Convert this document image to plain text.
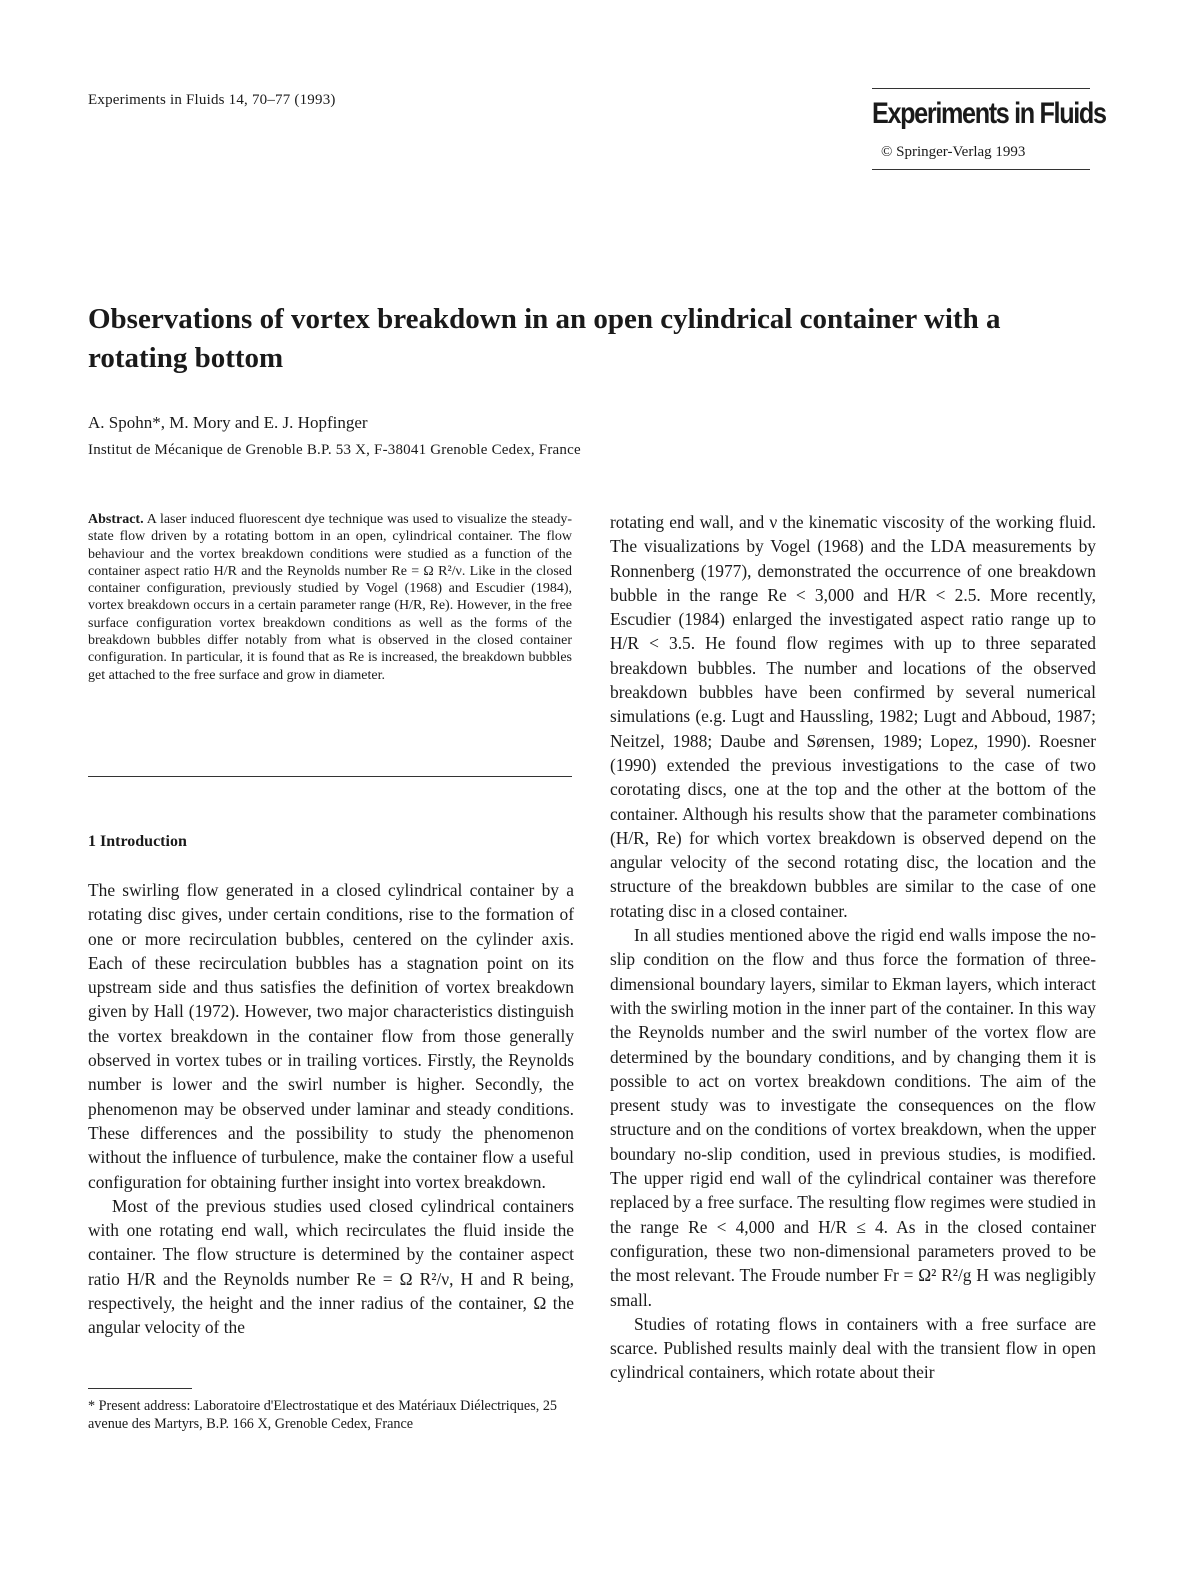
Experiments in Fluids 14, 70–77 (1993)	Experiments in Fluids
© Springer-Verlag 1993
Observations of vortex breakdown in an open cylindrical container with a rotating bottom
A. Spohn*, M. Mory and E. J. Hopfinger
Institut de Mécanique de Grenoble B.P. 53 X, F-38041 Grenoble Cedex, France

Abstract. A laser induced fluorescent dye technique was used to visualize the steady-state flow driven by a rotating bottom in an open, cylindrical container. The flow behaviour and the vortex breakdown conditions were studied as a function of the container aspect ratio H/R and the Reynolds number Re = Ω R²/ν. Like in the closed container configuration, previously studied by Vogel (1968) and Escudier (1984), vortex breakdown occurs in a certain parameter range (H/R, Re). However, in the free surface configuration vortex breakdown conditions as well as the forms of the breakdown bubbles differ notably from what is observed in the closed container configuration. In particular, it is found that as Re is increased, the breakdown bubbles get attached to the free surface and grow in diameter.

1 Introduction

The swirling flow generated in a closed cylindrical container by a rotating disc gives, under certain conditions, rise to the formation of one or more recirculation bubbles, centered on the cylinder axis. Each of these recirculation bubbles has a stagnation point on its upstream side and thus satisfies the definition of vortex breakdown given by Hall (1972). However, two major characteristics distinguish the vortex breakdown in the container flow from those generally observed in vortex tubes or in trailing vortices. Firstly, the Reynolds number is lower and the swirl number is higher. Secondly, the phenomenon may be observed under laminar and steady conditions. These differences and the possibility to study the phenomenon without the influence of turbulence, make the container flow a useful configuration for obtaining further insight into vortex breakdown.

Most of the previous studies used closed cylindrical containers with one rotating end wall, which recirculates the fluid inside the container. The flow structure is determined by the container aspect ratio H/R and the Reynolds number Re = Ω R²/ν, H and R being, respectively, the height and the inner radius of the container, Ω the angular velocity of the

rotating end wall, and ν the kinematic viscosity of the working fluid. The visualizations by Vogel (1968) and the LDA measurements by Ronnenberg (1977), demonstrated the occurrence of one breakdown bubble in the range Re < 3,000 and H/R < 2.5. More recently, Escudier (1984) enlarged the investigated aspect ratio range up to H/R < 3.5. He found flow regimes with up to three separated breakdown bubbles. The number and locations of the observed breakdown bubbles have been confirmed by several numerical simulations (e.g. Lugt and Haussling, 1982; Lugt and Abboud, 1987; Neitzel, 1988; Daube and Sørensen, 1989; Lopez, 1990). Roesner (1990) extended the previous investigations to the case of two corotating discs, one at the top and the other at the bottom of the container. Although his results show that the parameter combinations (H/R, Re) for which vortex breakdown is observed depend on the angular velocity of the second rotating disc, the location and the structure of the breakdown bubbles are similar to the case of one rotating disc in a closed container.

In all studies mentioned above the rigid end walls impose the no-slip condition on the flow and thus force the formation of three-dimensional boundary layers, similar to Ekman layers, which interact with the swirling motion in the inner part of the container. In this way the Reynolds number and the swirl number of the vortex flow are determined by the boundary conditions, and by changing them it is possible to act on vortex breakdown conditions. The aim of the present study was to investigate the consequences on the flow structure and on the conditions of vortex breakdown, when the upper boundary no-slip condition, used in previous studies, is modified. The upper rigid end wall of the cylindrical container was therefore replaced by a free surface. The resulting flow regimes were studied in the range Re < 4,000 and H/R ≤ 4. As in the closed container configuration, these two non-dimensional parameters proved to be the most relevant. The Froude number Fr = Ω² R²/g H was negligibly small.

Studies of rotating flows in containers with a free surface are scarce. Published results mainly deal with the transient flow in open cylindrical containers, which rotate about their

* Present address: Laboratoire d'Electrostatique et des Matériaux Diélectriques, 25 avenue des Martyrs, B.P. 166 X, Grenoble Cedex, France
